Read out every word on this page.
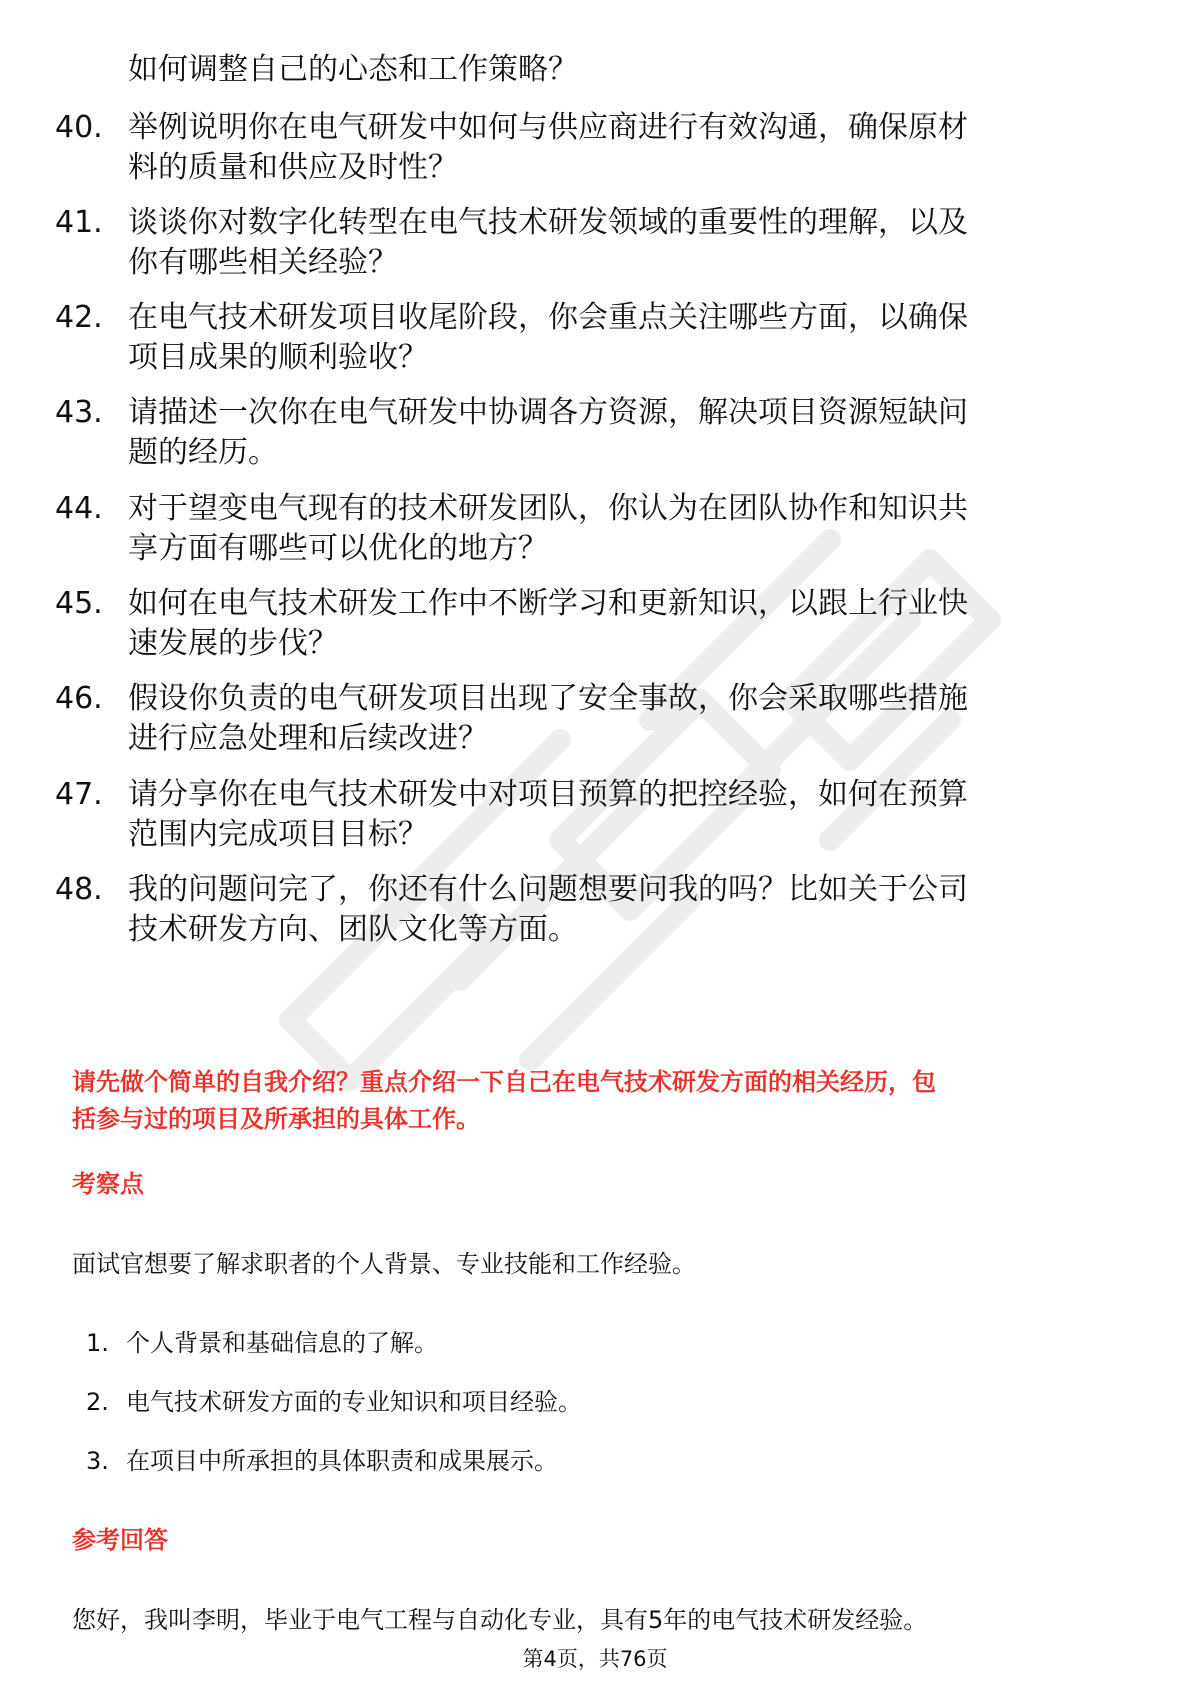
如何调整自己的心态和工作策略？
40. 举例说明你在电气研发中如何与供应商进行有效沟通，确保原材
料的质量和供应及时性？
41. 谈谈你对数字化转型在电气技术研发领域的重要性的理解，以及
你有哪些相关经验？
42. 在电气技术研发项目收尾阶段，你会重点关注哪些方面，以确保
项目成果的顺利验收？
43. 请描述一次你在电气研发中协调各方资源，解决项目资源短缺问
题的经历。
44. 对于望变电气现有的技术研发团队，你认为在团队协作和知识共
享方面有哪些可以优化的地方？
45. 如何在电气技术研发工作中不断学习和更新知识，以跟上行业快
速发展的步伐？
46. 假设你负责的电气研发项目出现了安全事故，你会采取哪些措施
进行应急处理和后续改进？
47. 请分享你在电气技术研发中对项目预算的把控经验，如何在预算
范围内完成项目目标？
48. 我的问题问完了，你还有什么问题想要问我的吗？比如关于公司
技术研发方向、团队文化等方面。
请先做个简单的自我介绍？重点介绍一下自己在电气技术研发方面的相关经历，包
括参与过的项目及所承担的具体工作。
考察点
面试官想要了解求职者的个人背景、专业技能和工作经验。
1. 个人背景和基础信息的了解。
2. 电气技术研发方面的专业知识和项目经验。
3. 在项目中所承担的具体职责和成果展示。
参考回答
您好，我叫李明，毕业于电气工程与自动化专业，具有5年的电气技术研发经验。
第4页，共76页
